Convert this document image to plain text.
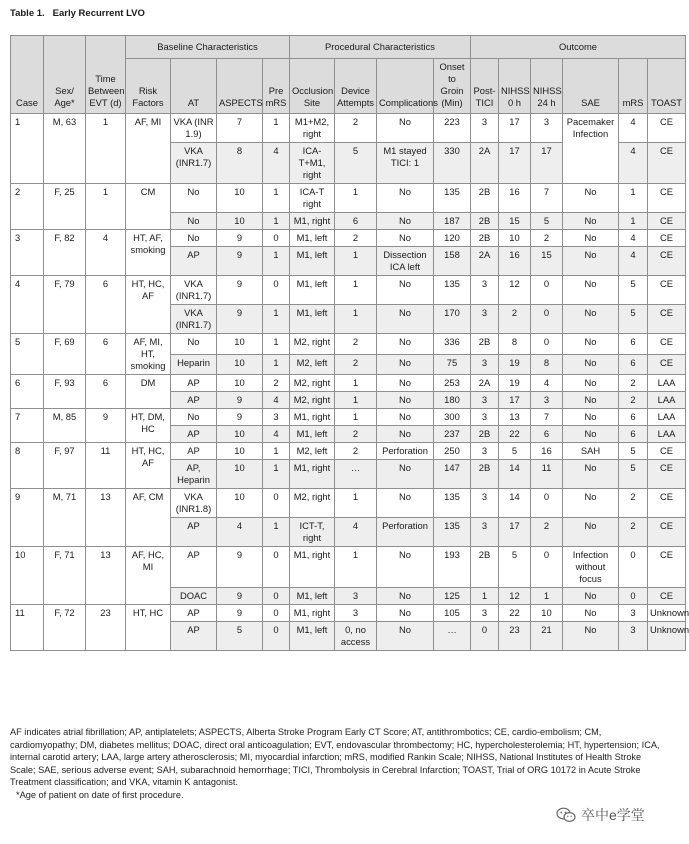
Table 1. Early Recurrent LVO
Case	Sex/ Age*	Time Between EVT (d)	Baseline Characteristics				Procedural Characteristics				Outcome					
			Risk Factors	AT	ASPECTS	Pre mRS	Occlusion Site	Device Attempts	Complications	Onset to Groin (Min)	Post-TICI	NIHSS 0 h	NIHSS 24 h	SAE	mRS	TOAST
1	M, 63	1	AF, MI	VKA (INR 1.9)	7	1	M1+M2, right	2	No	223	3	17	3	Pacemaker Infection	4	CE
				VKA (INR1.7)	8	4	ICA-T+M1, right	5	M1 stayed TICI: 1	330	2A	17	17		4	CE
2	F, 25	1	CM	No	10	1	ICA-T right	1	No	135	2B	16	7	No	1	CE
				No	10	1	M1, right	6	No	187	2B	15	5	No	1	CE
3	F, 82	4	HT, AF, smoking	No	9	0	M1, left	2	No	120	2B	10	2	No	4	CE
				AP	9	1	M1, left	1	Dissection ICA left	158	2A	16	15	No	4	CE
4	F, 79	6	HT, HC, AF	VKA (INR1.7)	9	0	M1, left	1	No	135	3	12	0	No	5	CE
				VKA (INR1.7)	9	1	M1, left	1	No	170	3	2	0	No	5	CE
5	F, 69	6	AF, MI, HT, smoking	No	10	1	M2, right	2	No	336	2B	8	0	No	6	CE
				Heparin	10	1	M2, left	2	No	75	3	19	8	No	6	CE
6	F, 93	6	DM	AP	10	2	M2, right	1	No	253	2A	19	4	No	2	LAA
				AP	9	4	M2, right	1	No	180	3	17	3	No	2	LAA
7	M, 85	9	HT, DM, HC	No	9	3	M1, right	1	No	300	3	13	7	No	6	LAA
				AP	10	4	M1, left	2	No	237	2B	22	6	No	6	LAA
8	F, 97	11	HT, HC, AF	AP	10	1	M2, left	2	Perforation	250	3	5	16	SAH	5	CE
				AP, Heparin	10	1	M1, right	…	No	147	2B	14	11	No	5	CE
9	M, 71	13	AF, CM	VKA (INR1.8)	10	0	M2, right	1	No	135	3	14	0	No	2	CE
				AP	4	1	ICT-T, right	4	Perforation	135	3	17	2	No	2	CE
10	F, 71	13	AF, HC, MI	AP	9	0	M1, right	1	No	193	2B	5	0	Infection without focus	0	CE
				DOAC	9	0	M1, left	3	No	125	1	12	1	No	0	CE
11	F, 72	23	HT, HC	AP	9	0	M1, right	3	No	105	3	22	10	No	3	Unknown
				AP	5	0	M1, left	0, no access	No	…	0	23	21	No	3	Unknown

AF indicates atrial fibrillation; AP, antiplatelets; ASPECTS, Alberta Stroke Program Early CT Score; AT, antithrombotics; CE, cardio-embolism; CM, cardiomyopathy; DM, diabetes mellitus; DOAC, direct oral anticoagulation; EVT, endovascular thrombectomy; HC, hypercholesterolemia; HT, hypertension; ICA, internal carotid artery; LAA, large artery atherosclerosis; MI, myocardial infarction; mRS, modified Rankin Scale; NIHSS, National Institutes of Health Stroke Scale; SAE, serious adverse event; SAH, subarachnoid hemorrhage; TICI, Thrombolysis in Cerebral Infarction; TOAST, Trial of ORG 10172 in Acute Stroke Treatment classification; and VKA, vitamin K antagonist.

*Age of patient on date of first procedure.

卒中e学堂
